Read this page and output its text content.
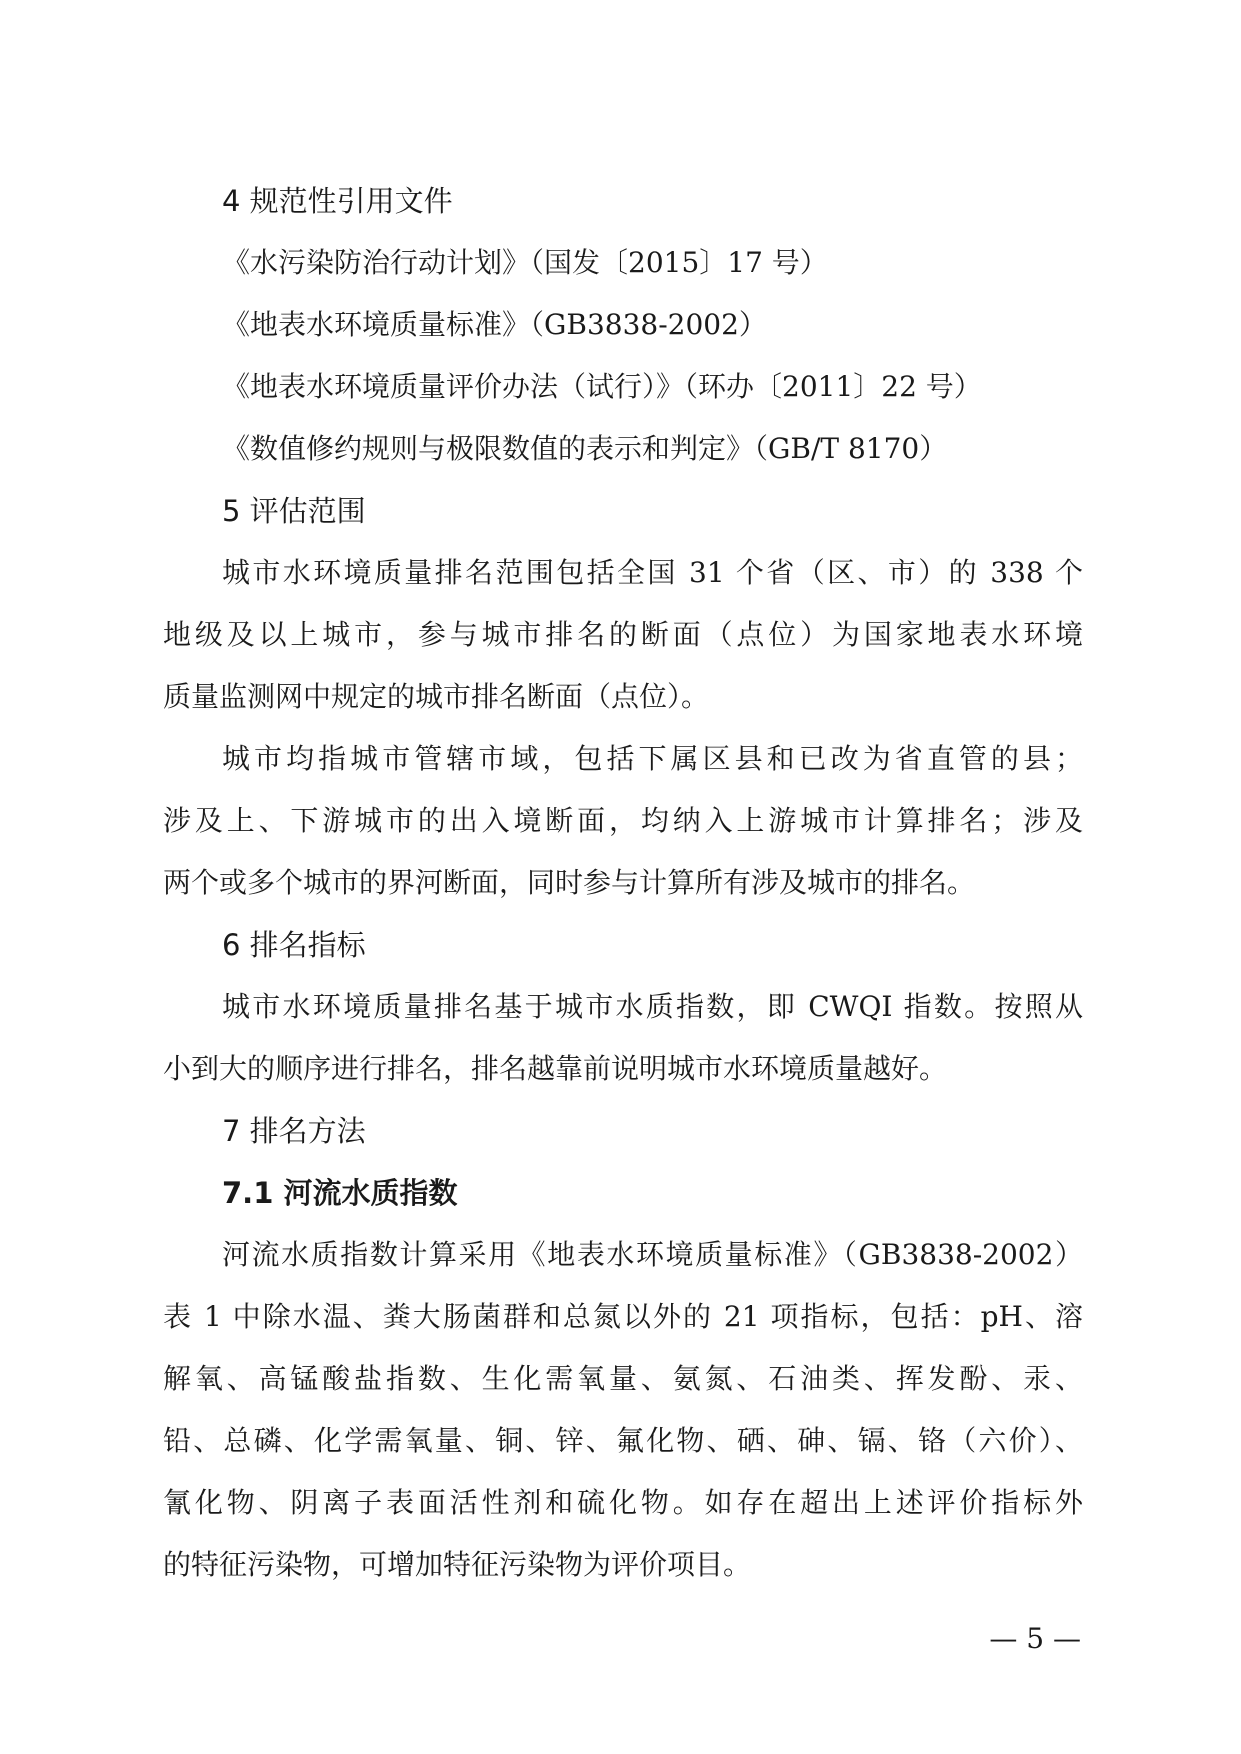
4 规范性引用文件
《水污染防治行动计划》（国发〔2015〕17 号）
《地表水环境质量标准》（GB3838-2002）
《地表水环境质量评价办法（试行）》（环办〔2011〕22 号）
《数值修约规则与极限数值的表示和判定》（GB/T 8170）
5 评估范围
城市水环境质量排名范围包括全国 31 个省（区、市）的 338 个
地级及以上城市，参与城市排名的断面（点位）为国家地表水环境
质量监测网中规定的城市排名断面（点位）。
城市均指城市管辖市域，包括下属区县和已改为省直管的县；
涉及上、下游城市的出入境断面，均纳入上游城市计算排名；涉及
两个或多个城市的界河断面，同时参与计算所有涉及城市的排名。
6 排名指标
城市水环境质量排名基于城市水质指数，即 CWQI 指数。按照从
小到大的顺序进行排名，排名越靠前说明城市水环境质量越好。
7 排名方法
7.1 河流水质指数
河流水质指数计算采用《地表水环境质量标准》（GB3838-2002）
表 1 中除水温、粪大肠菌群和总氮以外的 21 项指标，包括：pH、溶
解氧、高锰酸盐指数、生化需氧量、氨氮、石油类、挥发酚、汞、
铅、总磷、化学需氧量、铜、锌、氟化物、硒、砷、镉、铬（六价）、
氰化物、阴离子表面活性剂和硫化物。如存在超出上述评价指标外
的特征污染物，可增加特征污染物为评价项目。
— 5 —
